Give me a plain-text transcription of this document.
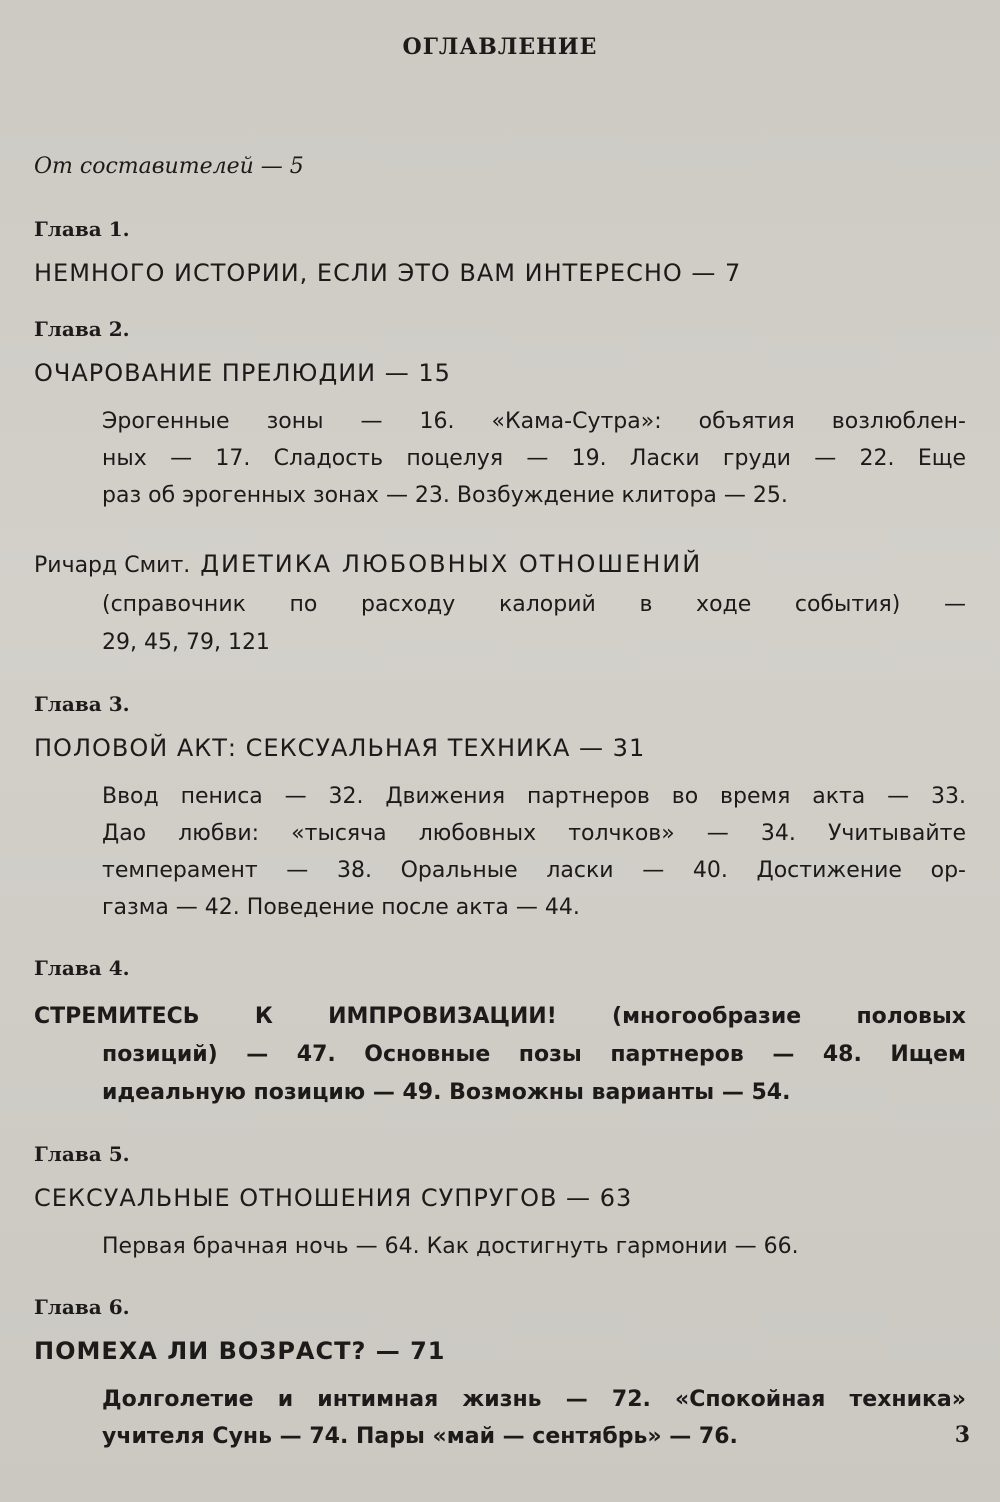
ОГЛАВЛЕНИЕ
От составителей — 5
Глава 1.
НЕМНОГО ИСТОРИИ, ЕСЛИ ЭТО ВАМ ИНТЕРЕСНО — 7
Глава 2.
ОЧАРОВАНИЕ ПРЕЛЮДИИ — 15
Эрогенные зоны — 16. «Кама-Сутра»: объятия возлюблен-
ных — 17. Сладость поцелуя — 19. Ласки груди — 22. Еще
раз об эрогенных зонах — 23. Возбуждение клитора — 25.
Ричард Смит. ДИЕТИКА ЛЮБОВНЫХ ОТНОШЕНИЙ
(справочник по расходу калорий в ходе события) —
29, 45, 79, 121
Глава 3.
ПОЛОВОЙ АКТ: СЕКСУАЛЬНАЯ ТЕХНИКА — 31
Ввод пениса — 32. Движения партнеров во время акта — 33.
Дао любви: «тысяча любовных толчков» — 34. Учитывайте
темперамент — 38. Оральные ласки — 40. Достижение ор-
газма — 42. Поведение после акта — 44.
Глава 4.
СТРЕМИТЕСЬ К ИМПРОВИЗАЦИИ! (многообразие половых
позиций) — 47. Основные позы партнеров — 48. Ищем
идеальную позицию — 49. Возможны варианты — 54.
Глава 5.
СЕКСУАЛЬНЫЕ ОТНОШЕНИЯ СУПРУГОВ — 63
Первая брачная ночь — 64. Как достигнуть гармонии — 66.
Глава 6.
ПОМЕХА ЛИ ВОЗРАСТ? — 71
Долголетие и интимная жизнь — 72. «Спокойная техника»
учителя Сунь — 74. Пары «май — сентябрь» — 76.	3
